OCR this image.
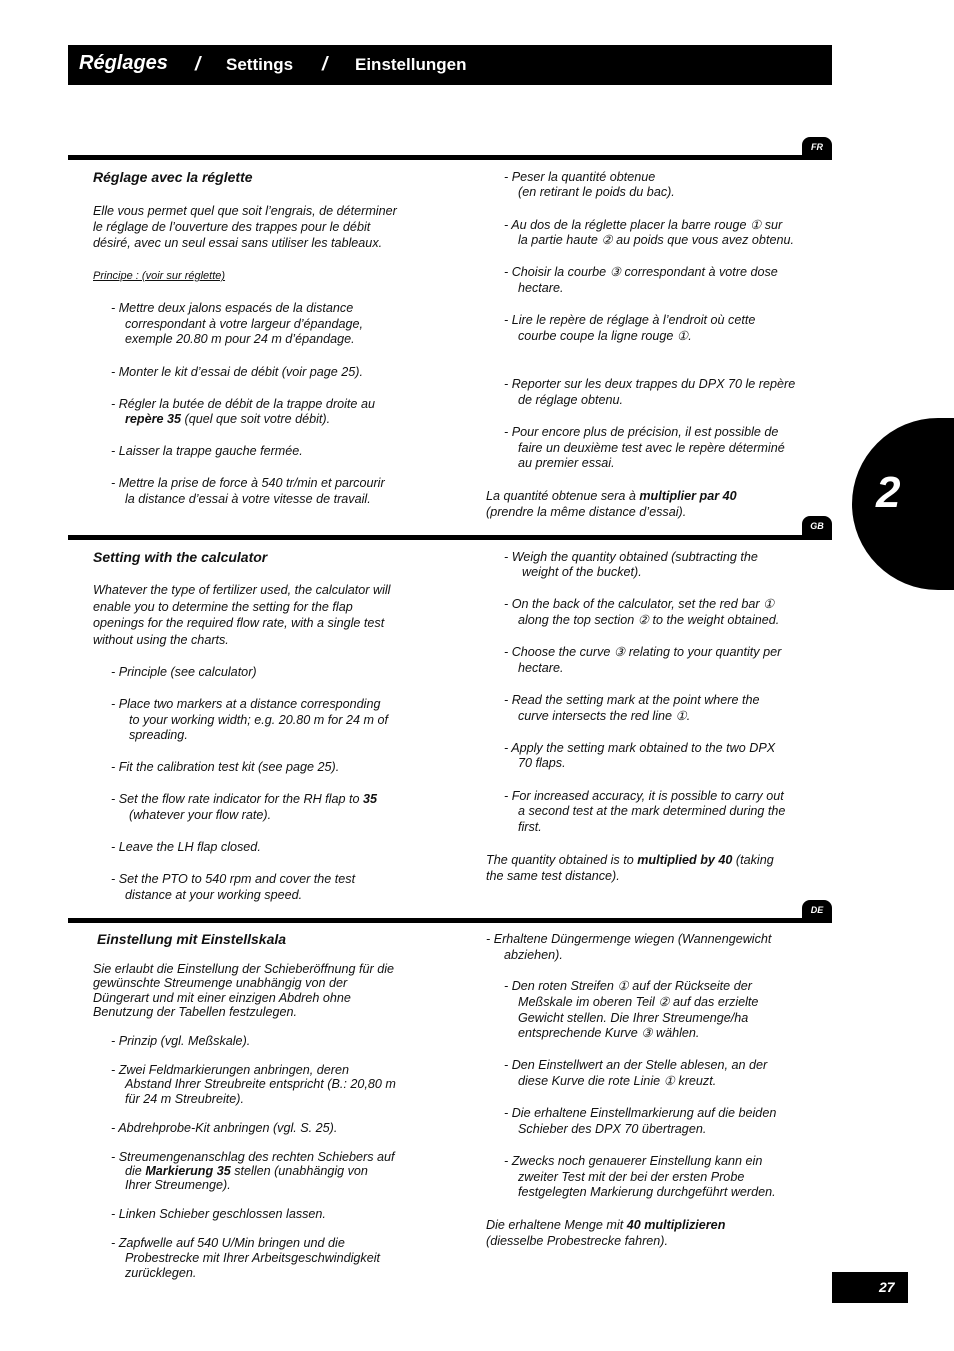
Réglages / Settings / Einstellungen
2
FR
Réglage avec la réglette
Elle vous permet quel que soit l’engrais, de déterminer
le réglage de l’ouverture des trappes pour le débit
désiré, avec un seul essai sans utiliser les tableaux.
Principe : (voir sur réglette)
- Mettre deux jalons espacés de la distance
correspondant à votre largeur d’épandage,
exemple 20.80 m pour 24 m d’épandage.
- Monter le kit d’essai de débit (voir page 25).
- Régler la butée de débit de la trappe droite au
repère 35 (quel que soit votre débit).
- Laisser la trappe gauche fermée.
- Mettre la prise de force à 540 tr/min et parcourir
la distance d’essai à votre vitesse de travail.
- Peser la quantité obtenue
(en retirant le poids du bac).
- Au dos de la réglette placer la barre rouge ① sur
la partie haute ② au poids que vous avez obtenu.
- Choisir la courbe ③ correspondant à votre dose
hectare.
- Lire le repère de réglage à l’endroit où cette
courbe coupe la ligne rouge ①.
- Reporter sur les deux trappes du DPX 70 le repère
de réglage obtenu.
- Pour encore plus de précision, il est possible de
faire un deuxième test avec le repère déterminé
au premier essai.
La quantité obtenue sera à multiplier par 40
(prendre la même distance d’essai).
GB
Setting with the calculator
Whatever the type of fertilizer used, the calculator will
enable you to determine the setting for the flap
openings for the required flow rate, with a single test
without using the charts.
- Principle (see calculator)
- Place two markers at a distance corresponding
to your working width; e.g. 20.80 m for 24 m of
spreading.
- Fit the calibration test kit (see page 25).
- Set the flow rate indicator for the RH flap to 35
(whatever your flow rate).
- Leave the LH flap closed.
- Set the PTO to 540 rpm and cover the test
distance at your working speed.
- Weigh the quantity obtained (subtracting the
weight of the bucket).
- On the back of the calculator, set the red bar ①
along the top section ② to the weight obtained.
- Choose the curve ③ relating to your quantity per
hectare.
- Read the setting mark at the point where the
curve intersects the red line ①.
- Apply the setting mark obtained to the two DPX
70 flaps.
- For increased accuracy, it is possible to carry out
a second test at the mark determined during the
first.
The quantity obtained is to multiplied by 40 (taking
the same test distance).
DE
Einstellung mit Einstellskala
Sie erlaubt die Einstellung der Schieberöffnung für die
gewünschte Streumenge unabhängig von der
Düngerart und mit einer einzigen Abdreh ohne
Benutzung der Tabellen festzulegen.
- Prinzip (vgl. Meßskale).
- Zwei Feldmarkierungen anbringen, deren
Abstand Ihrer Streubreite entspricht (B.: 20,80 m
für 24 m Streubreite).
- Abdrehprobe-Kit anbringen (vgl. S. 25).
- Streumengenanschlag des rechten Schiebers auf
die Markierung 35 stellen (unabhängig von
Ihrer Streumenge).
- Linken Schieber geschlossen lassen.
- Zapfwelle auf 540 U/Min bringen und die
Probestrecke mit Ihrer Arbeitsgeschwindigkeit
zurücklegen.
- Erhaltene Düngermenge wiegen (Wannengewicht
abziehen).
- Den roten Streifen ① auf der Rückseite der
Meßskale im oberen Teil ② auf das erzielte
Gewicht stellen. Die Ihrer Streumenge/ha
entsprechende Kurve ③ wählen.
- Den Einstellwert an der Stelle ablesen, an der
diese Kurve die rote Linie ① kreuzt.
- Die erhaltene Einstellmarkierung auf die beiden
Schieber des DPX 70 übertragen.
- Zwecks noch genauerer Einstellung kann ein
zweiter Test mit der bei der ersten Probe
festgelegten Markierung durchgeführt werden.
Die erhaltene Menge mit 40 multiplizieren
(diesselbe Probestrecke fahren).
27
